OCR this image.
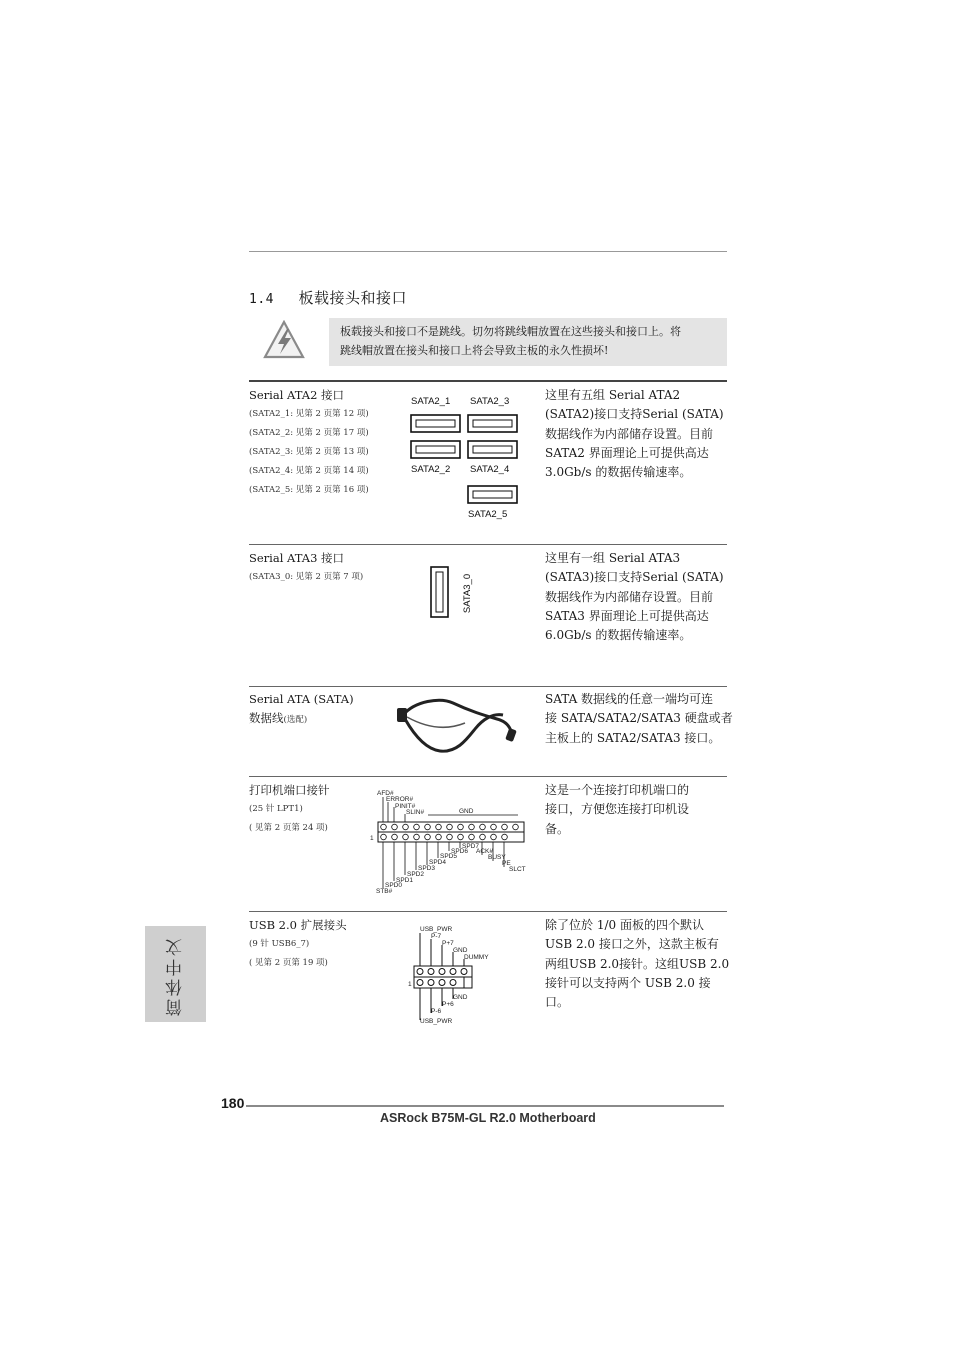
1.4 板载接头和接口
板载接头和接口不是跳线。切勿将跳线帽放置在这些接头和接口上。将
跳线帽放置在接头和接口上将会导致主板的永久性损坏!
Serial ATA2 接口
(SATA2_1: 见第 2 页第 12 项)
(SATA2_2: 见第 2 页第 17 项)
(SATA2_3: 见第 2 页第 13 项)
(SATA2_4: 见第 2 页第 14 项)
(SATA2_5: 见第 2 页第 16 项)
SATA2_1 SATA2_3
SATA2_2 SATA2_4
SATA2_5
这里有五组 Serial ATA2
(SATA2)接口支持Serial (SATA)
数据线作为内部储存设置。目前
SATA2 界面理论上可提供高达
3.0Gb/s 的数据传输速率。
Serial ATA3 接口
(SATA3_0: 见第 2 页第 7 项)	SATA3_0
这里有一组 Serial ATA3
(SATA3)接口支持Serial (SATA)
数据线作为内部储存设置。目前
SATA3 界面理论上可提供高达
6.0Gb/s 的数据传输速率。
Serial ATA (SATA)
数据线(选配)
SATA 数据线的任意一端均可连
接 SATA/SATA2/SATA3 硬盘或者
主板上的 SATA2/SATA3 接口。
打印机端口接针
(25 针 LPT1)
( 见第 2 页第 24 项)
AFD#
ERROR#
PINIT#
SLIN#	GND
1
SPD7
SPD6 ACK#
SPD5	BUSY
SPD4	PE
SPD3	SLCT
SPD2
SPD1
SPD0
STB#
这是一个连接打印机端口的
接口，方便您连接打印机设
备。
USB 2.0 扩展接头
(9 针 USB6_7)
( 见第 2 页第 19 项)
USB_PWR
P-7
P+7
GND
DUMMY
1
GND
P+6
P-6
USB_PWR
除了位於 1/0 面板的四个默认
USB 2.0 接口之外，这款主板有
两组USB 2.0接针。这组USB 2.0
接针可以支持两个 USB 2.0 接
口。
简体中文
180
ASRock B75M-GL R2.0 Motherboard
